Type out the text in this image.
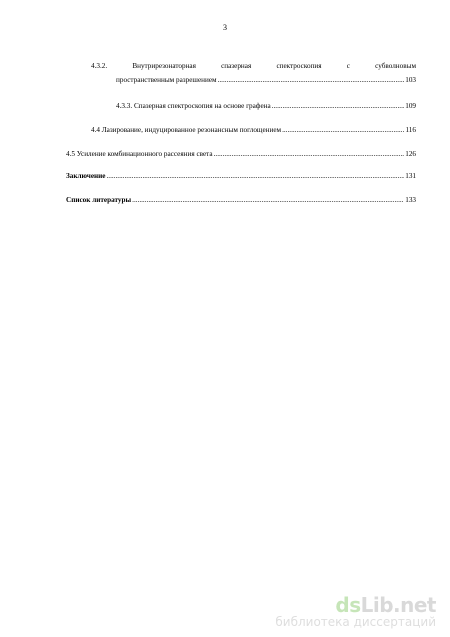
3
4.3.2.	Внутрирезонаторная	спазерная	спектроскопия	с	субволновым
пространственным разрешением .....	103
4.3.3. Спазерная спектроскопия на основе графена .....	109
4.4 Лазирование, индуцированное резонансным поглощением .....	116
4.5 Усиление комбинационного рассеяния света .....	126
Заключение .....	131
Список литературы .....	133
dsLib.net
библиотека диссертаций
